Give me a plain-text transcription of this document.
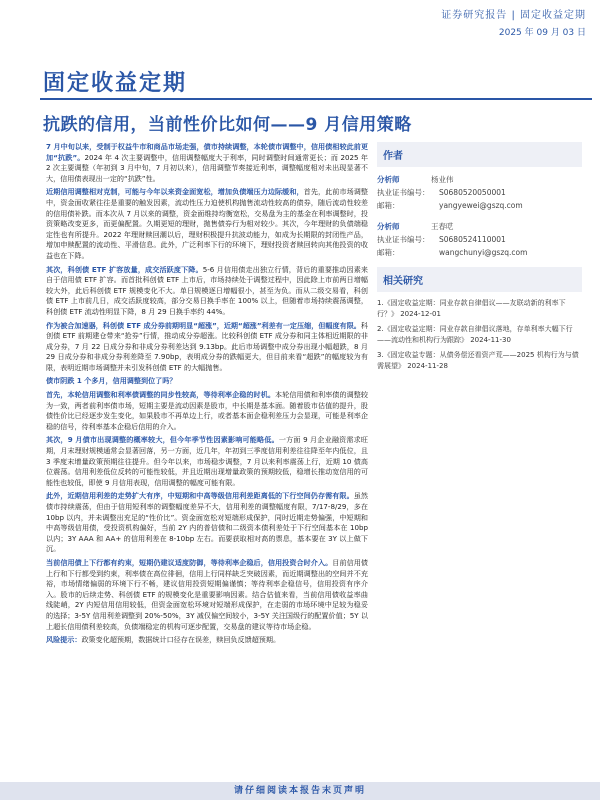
证券研究报告 | 固定收益定期
2025 年 09 月 03 日
固定收益定期
抗跌的信用，当前性价比如何——9 月信用策略

7 月中旬以来，受制于权益牛市和商品市场走强，债市持续调整，本轮债市调整中，信用债相较此前更加“抗跌”。2024 年 4 次主要调整中，信用调整幅度大于利率，同时调整时间通常更长；而 2025 年 2 次主要调整（年初到 3 月中旬，7 月初以来），信用调整节奏接近利率，调整幅度相对未出现显著不大，信用债表现出一定的“抗跌”性。

近期信用调整相对克制，可能与今年以来资金面宽松，增加负债端压力边际缓和，首先，此前市场调整中，资金面收紧往往是重要的触发因素，流动性压力迫使机构抛售流动性较高的债券，随后流动性较差的信用债补跌。而本次从 7 月以来的调整，资金面维持均衡宽松，交易盘为主的基金在利率调整时，投资策略改变更多，而更偏配置。久期更短的理财，拋售债券行为相对较少。其次，今年理财的负债端稳定性也有所提升。2022 年理财赎回潮以后，理财积极提升抗波动能力，如成为长期限的封闭性产品，增加申赎配置的流动性、平滑信息。此外，广泛利率下行的环境下，理财投资者赎回转向其他投资的收益也在下降。

其次，科创债 ETF 扩容放量，成交活跃度下降。5-6 月信用债走出独立行情，背后的重要推动因素来自于信用债 ETF 扩容。而首批科创债 ETF 上市后，市场持续处于调整过程中，因此除上市前两日增幅较大外，此后科创债 ETF 规模变化不大。单日规模逐日增幅很小，甚至为负。而从二级交易看，科创债 ETF 上市前几日，成交活跃度较高，部分交易日换手率在 100% 以上，但随着市场持续震荡调整，科创债 ETF 流动性明显下降，8 月 29 日换手率约 44%。

作为被合加速器，科创债 ETF 成分券前期明显“超涨”，近期“超涨”利差有一定压缩，但幅度有限。科创债 ETF 前期建仓带来“抢券”行情，推动成分券超涨。比较科创债 ETF 成分券和同主体相近期限的非成分券，7 月 22 日成分券和非成分券利差达到 9.13bp。此后市场调整中成分券出现小幅超跌，8 月 29 日成分券和非成分券利差降至 7.90bp，表明成分券的跌幅更大，但目前来看“超跌”的幅度较为有限，表明近期市场调整并未引发科创债 ETF 的大幅抛售。

债市阴跌 1 个多月，信用调整到位了吗？

首先，本轮信用调整和利率债调整的同步性较高，等待利率企稳的时机。本轮信用债和利率债的调整较为一致，两者前利率债市场，短期主要是流动因素是股市，中长期是基本面。随着股市估值的提升，股债性价比已经逐步发生变化，如果股市不再单边上行，或者基本面企稳利差压力会显现，可能是利率企稳的信号，待利率基本企稳后信用的介入。

其次，9 月债市出现调整的概率较大，但今年季节性因素影响可能略低。一方面 9 月企业融资需求旺期，月末理财规模通常会显著回落，另一方面，近几年，年初到三季度信用利差往往降至年内低位，且 3 季度末增量政策预期往往提升。但今年以来，市场稳步调整，7 月以来利率震荡上行，近期 10 债高位震荡。信用利差低位反转的可能性较低，并且近期出现增量政策的预期较低，稳增长推动宽信用的可能性也较低，即使 9 月信用表现，信用调整的幅度可能有限。

此外，近期信用利差的走势扩大有序，中短期和中高等级信用利差距离低的下行空间仍存需有限。虽然债市持续震荡，但由于信用短利率的调整幅度差异不大，信用利差的调整幅度有限，7/17-8/29，多在 10bp 以内，并未调整出充足的“性价比”。资金面宽松对短端形成保护，同时近期走势偏强，中短期和中高等级信用债，受投资机构偏好，当前 2Y 内的普信债和二级资本债利差处于下行空间基本在 10bp 以内；3Y AAA 和 AA+ 的信用利差在 8-10bp 左右。而要获取相对高的票息，基本要在 3Y 以上做下沉。

当前信用债上下行都有约束，短期仍建议适度防御，等待利率企稳后，信用投资合时介入。目前信用债上行和下行都受到约束，利率债在高位徘徊，信用上行同样缺乏突破因素，而近期调整出的空间并不充裕，市场情绪偏弱的环境下行不畅，建议信用投资短期偏谨慎；等待利率企稳信号，信用投资有序介入。股市的后续走势、科创债 ETF 的规模变化是重要影响因素。结合估值来看，当前信用债收益率曲线陡峭，2Y 内短信用信用较低，但资金面宽松环境对短端形成保护，在走弱的市场环境中足较为稳妥的选择；3-5Y 信用利差调整到 20%-50%，3Y 减仅偏空间较小，3-5Y 关注国级行的配置价值；5Y 以上超长信用债利差较高，负债端稳定的机构可逐步配置，交易盘的建议等待市场企稳。

风险提示：政策变化超预期，数据统计口径存在误差，赎回负反馈超预期。

作者
分析师	杨业伟
执业证书编号：	S0680520050001
邮箱：	yangyewei@gszq.com
分析师	王春呓
执业证书编号：	S0680524110001
邮箱：	wangchunyi@gszq.com
相关研究
1.《固定收益定期：同业存款自律倡议——友联动新的利率下行？》 2024-12-01
2.《固定收益定期：同业存款自律倡议落地，存单利率大幅下行——流动性和机构行为跟踪》 2024-11-30
3.《固定收益专题：从债务偿还看资产荒——2025 机构行为与债需展望》 2024-11-28
请仔细阅读本报告末页声明
